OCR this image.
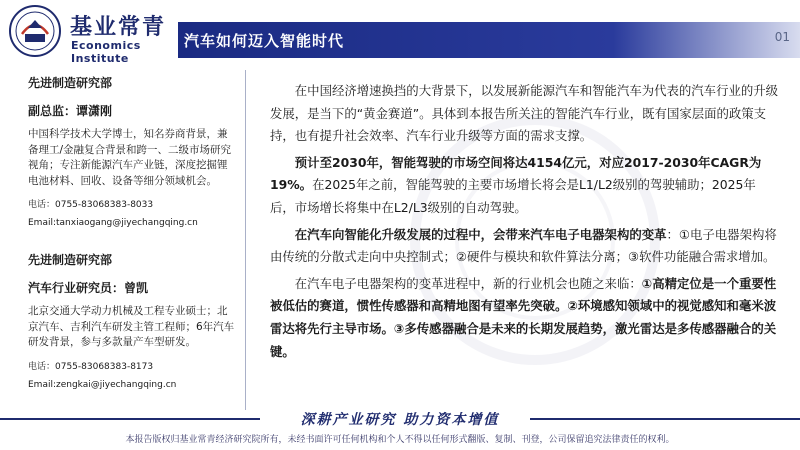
基业常青
Economics Institute
汽车如何迈入智能时代	01
先进制造研究部
副总监：谭潇刚
中国科学技术大学博士，知名券商背景，兼备理工/金融复合背景和跨一、二级市场研究视角；专注新能源汽车产业链，深度挖掘锂电池材料、回收、设备等细分领域机会。
电话：0755-83068383-8033
Email:tanxiaogang@jiyechangqing.cn
先进制造研究部
汽车行业研究员：曾凯
北京交通大学动力机械及工程专业硕士；北京汽车、吉利汽车研发主管工程师；6年汽车研发背景，参与多款量产车型研发。
电话：0755-83068383-8173
Email:zengkai@jiyechangqing.cn

在中国经济增速换挡的大背景下，以发展新能源汽车和智能汽车为代表的汽车行业的升级发展，是当下的“黄金赛道”。具体到本报告所关注的智能汽车行业，既有国家层面的政策支持，也有提升社会效率、汽车行业升级等方面的需求支撑。

预计至2030年，智能驾驶的市场空间将达4154亿元，对应2017-2030年CAGR为 19%。在2025年之前，智能驾驶的主要市场增长将会是L1/L2级别的驾驶辅助；2025年后，市场增长将集中在L2/L3级别的自动驾驶。

在汽车向智能化升级发展的过程中，会带来汽车电子电器架构的变革：①电子电器架构将由传统的分散式走向中央控制式；②硬件与模块和软件算法分离；③软件功能融合需求增加。

在汽车电子电器架构的变革进程中，新的行业机会也随之来临：①高精定位是一个重要性被低估的赛道，惯性传感器和高精地图有望率先突破。②环境感知领域中的视觉感知和毫米波雷达将先行主导市场。③多传感器融合是未来的长期发展趋势，激光雷达是多传感器融合的关键。

深耕产业研究 助力资本增值
本报告版权归基业常青经济研究院所有，未经书面许可任何机构和个人不得以任何形式翻版、复制、刊登，公司保留追究法律责任的权利。
